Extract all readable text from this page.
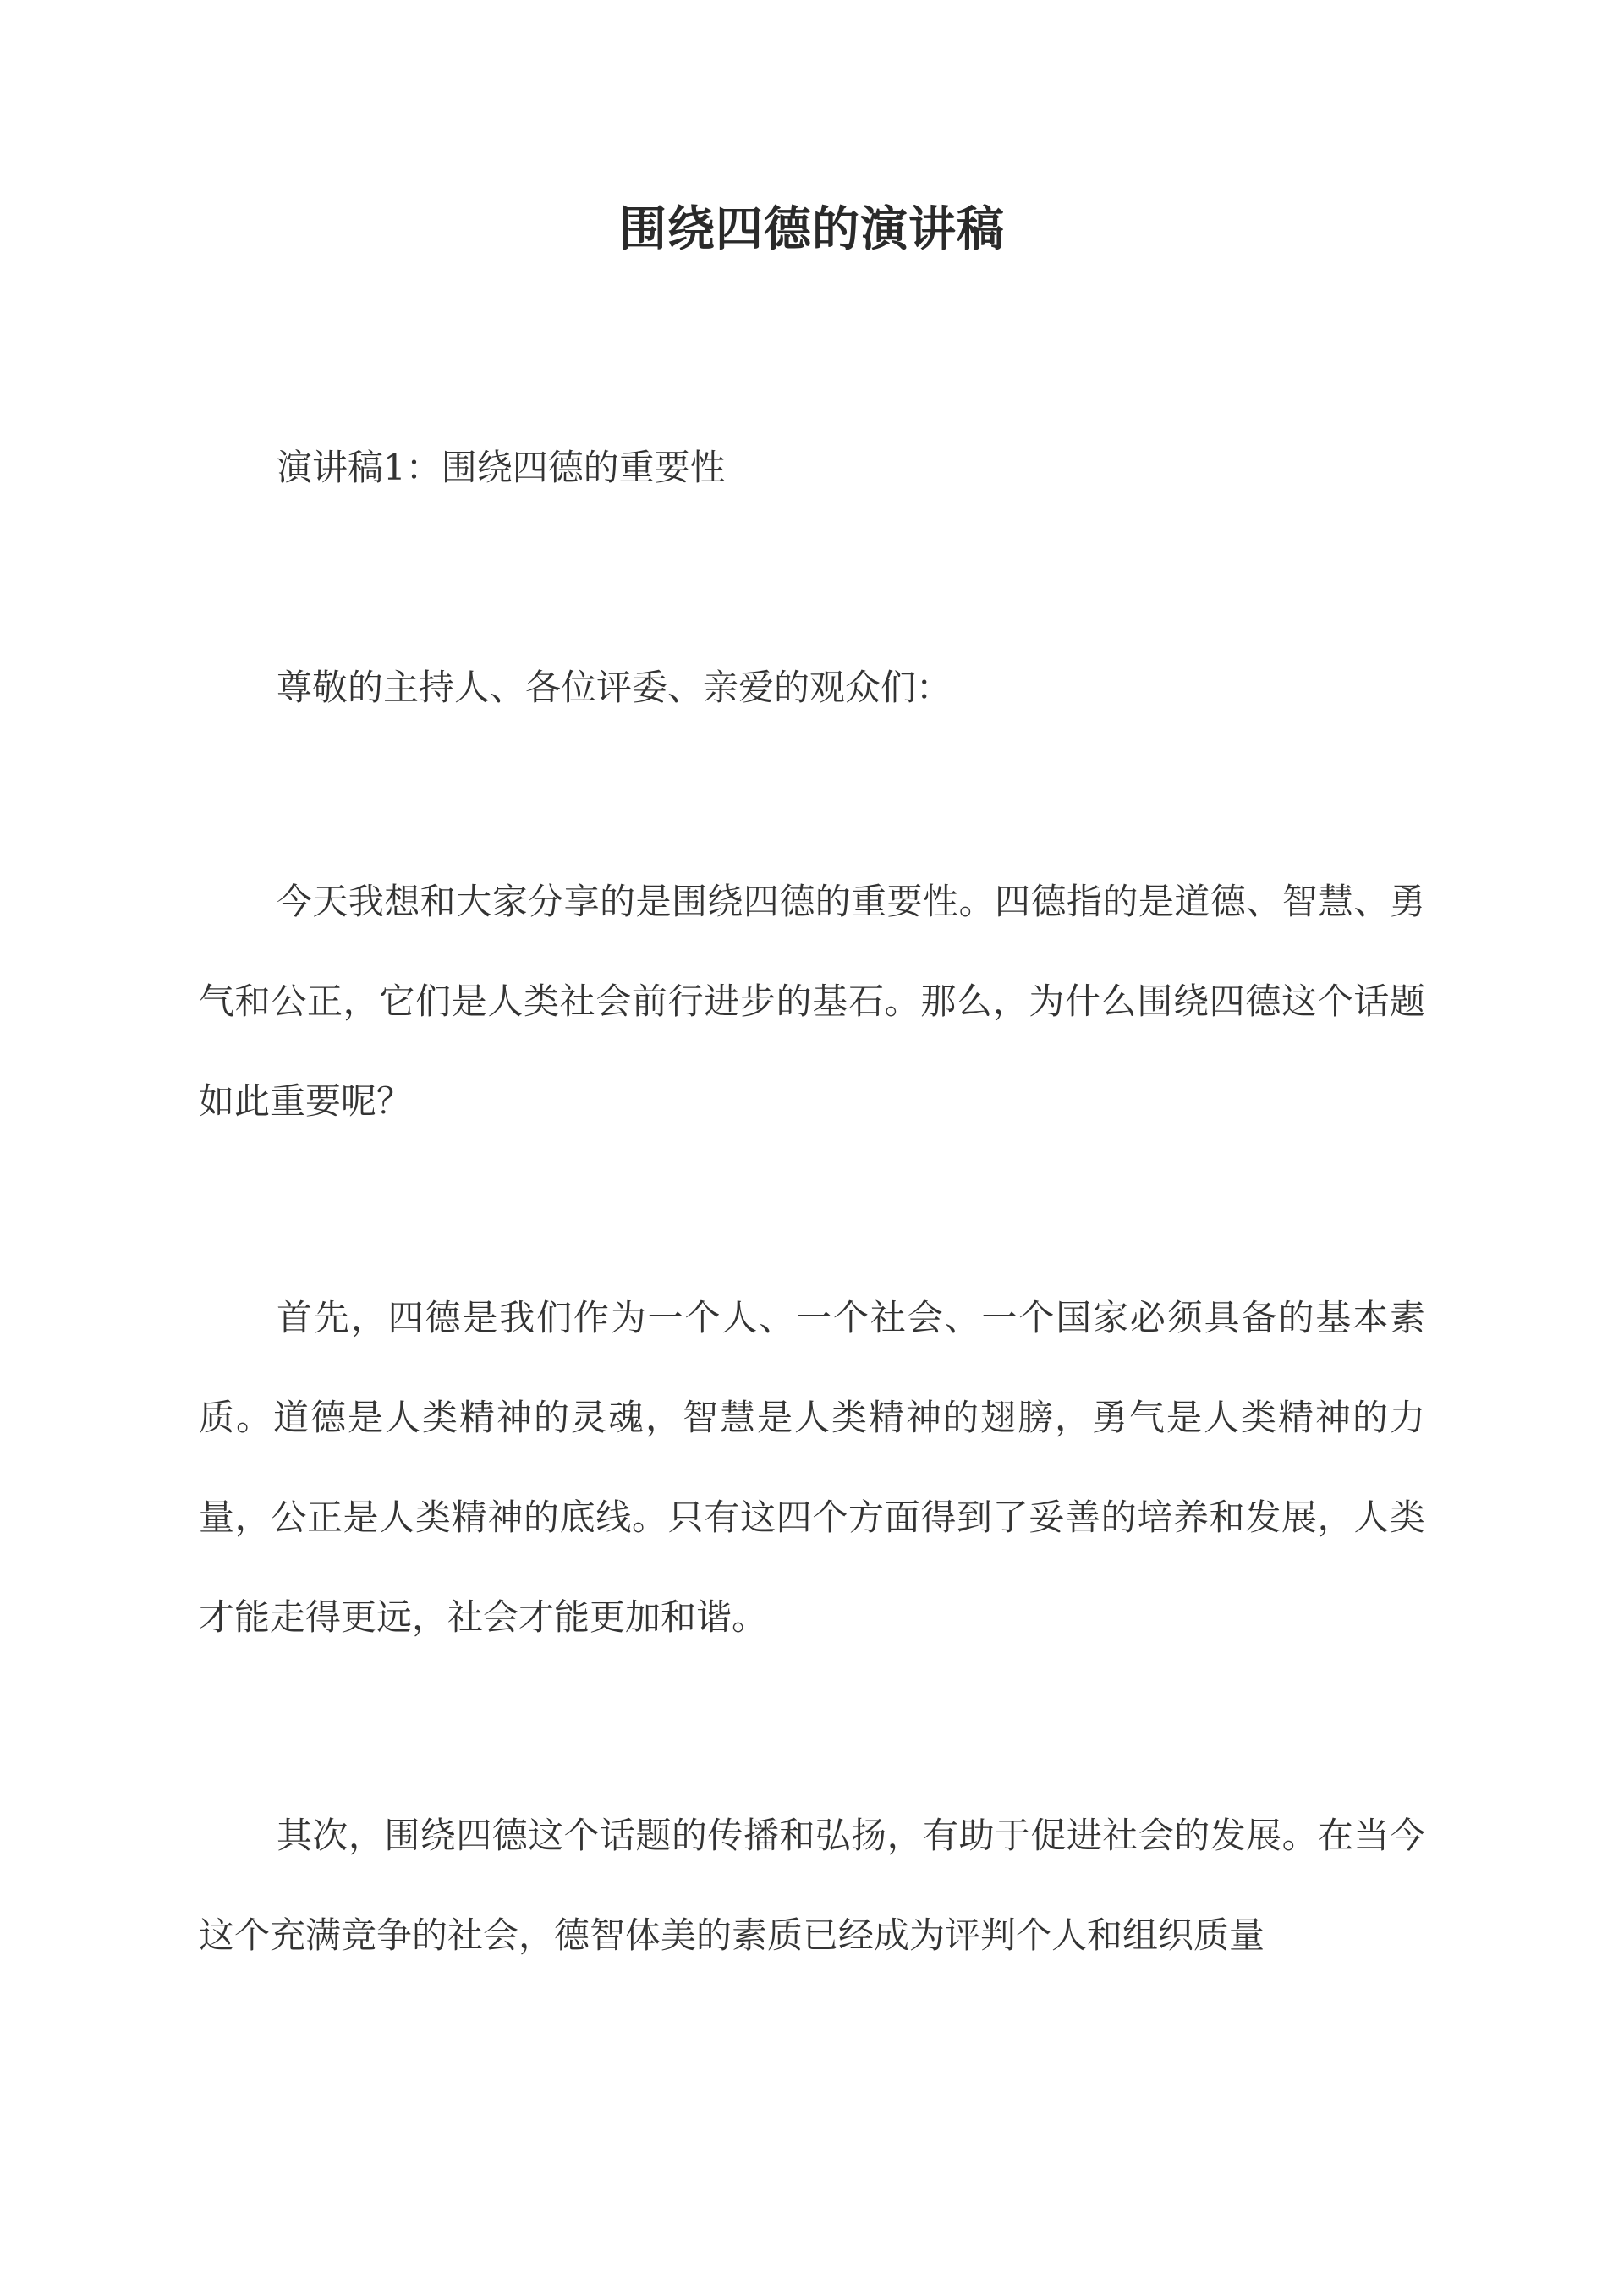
围绕四德的演讲稿

演讲稿1：围绕四德的重要性

尊敬的主持人、各位评委、亲爱的观众们：

今天我想和大家分享的是围绕四德的重要性。四德指的是道德、智慧、勇气和公正，它们是人类社会前行进步的基石。那么，为什么围绕四德这个话题如此重要呢？

首先，四德是我们作为一个人、一个社会、一个国家必须具备的基本素质。道德是人类精神的灵魂，智慧是人类精神的翅膀，勇气是人类精神的力量，公正是人类精神的底线。只有这四个方面得到了妥善的培养和发展，人类才能走得更远，社会才能更加和谐。

其次，围绕四德这个话题的传播和弘扬，有助于促进社会的发展。在当今这个充满竞争的社会，德智体美的素质已经成为评判个人和组织质量
